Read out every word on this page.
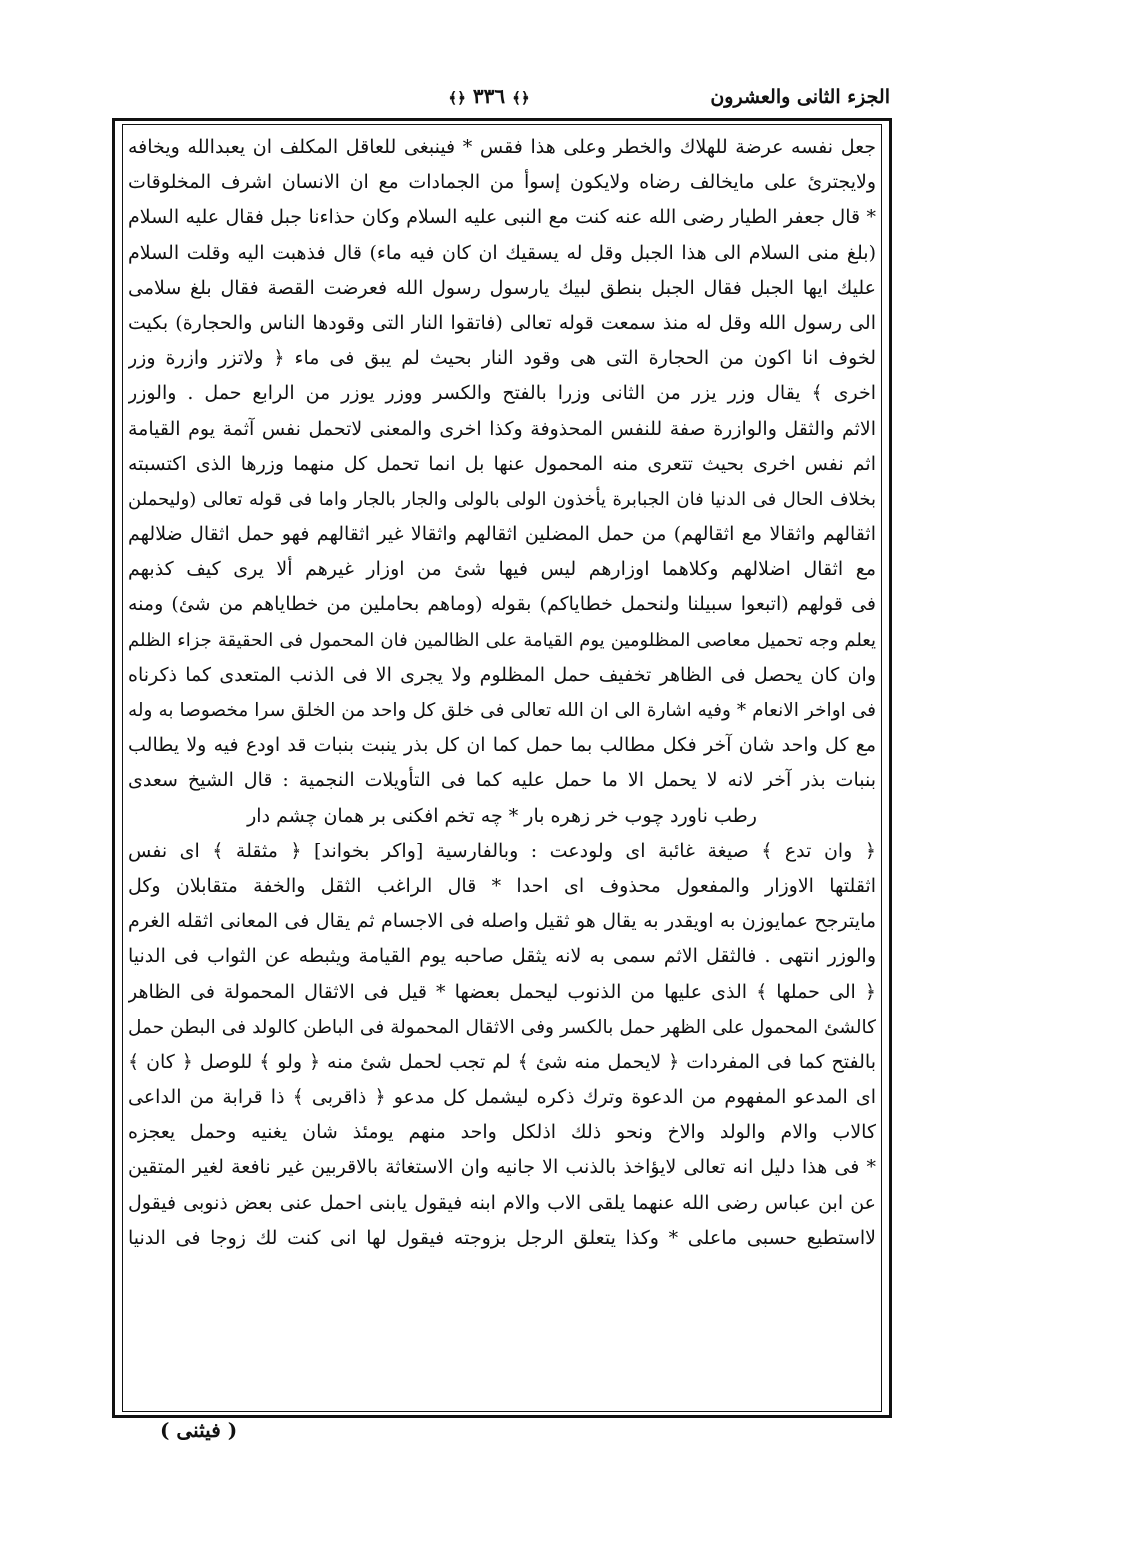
الجزء الثانى والعشرون
﴿﴾ ٣٣٦ ﴿﴾
جعل نفسه عرضة للهلاك والخطر وعلى هذا فقس * فينبغى للعاقل المكلف ان يعبدالله ويخافه
ولايجترئ على مايخالف رضاه ولايكون إسوأ من الجمادات مع ان الانسان اشرف المخلوقات
* قال جعفر الطيار رضى الله عنه كنت مع النبى عليه السلام وكان حذاءنا جبل فقال عليه السلام
(بلغ منى السلام الى هذا الجبل وقل له يسقيك ان كان فيه ماء) قال فذهبت اليه وقلت السلام
عليك ايها الجبل فقال الجبل بنطق لبيك يارسول رسول الله فعرضت القصة فقال بلغ سلامى
الى رسول الله وقل له منذ سمعت قوله تعالى (فاتقوا النار التى وقودها الناس والحجارة) بكيت
لخوف انا اكون من الحجارة التى هى وقود النار بحيث لم يبق فى ماء ﴿ ولاتزر وازرة وزر
اخرى ﴾ يقال وزر يزر من الثانى وزرا بالفتح والكسر ووزر يوزر من الرابع حمل . والوزر
الاثم والثقل والوازرة صفة للنفس المحذوفة وكذا اخرى والمعنى لاتحمل نفس آثمة يوم القيامة
اثم نفس اخرى بحيث تتعرى منه المحمول عنها بل انما تحمل كل منهما وزرها الذى اكتسبته
بخلاف الحال فى الدنيا فان الجبابرة يأخذون الولى بالولى والجار بالجار واما فى قوله تعالى (وليحملن
اثقالهم واثقالا مع اثقالهم) من حمل المضلين اثقالهم واثقالا غير اثقالهم فهو حمل اثقال ضلالهم
مع اثقال اضلالهم وكلاهما اوزارهم ليس فيها شئ من اوزار غيرهم ألا يرى كيف كذبهم
فى قولهم (اتبعوا سبيلنا ولنحمل خطاياكم) بقوله (وماهم بحاملين من خطاياهم من شئ) ومنه
يعلم وجه تحميل معاصى المظلومين يوم القيامة على الظالمين فان المحمول فى الحقيقة جزاء الظلم
وان كان يحصل فى الظاهر تخفيف حمل المظلوم ولا يجرى الا فى الذنب المتعدى كما ذكرناه
فى اواخر الانعام * وفيه اشارة الى ان الله تعالى فى خلق كل واحد من الخلق سرا مخصوصا به وله
مع كل واحد شان آخر فكل مطالب بما حمل كما ان كل بذر ينبت بنبات قد اودع فيه ولا يطالب
بنبات بذر آخر لانه لا يحمل الا ما حمل عليه كما فى التأويلات النجمية : قال الشيخ سعدى
رطب ناورد چوب خر زهره بار * چه تخم افكنى بر همان چشم دار
﴿ وان تدع ﴾ صيغة غائبة اى ولودعت : وبالفارسية [واكر بخواند] ﴿ مثقلة ﴾ اى نفس
اثقلتها الاوزار والمفعول محذوف اى احدا * قال الراغب الثقل والخفة متقابلان وكل
مايترجح عمايوزن به اويقدر به يقال هو ثقيل واصله فى الاجسام ثم يقال فى المعانى اثقله الغرم
والوزر انتهى . فالثقل الاثم سمى به لانه يثقل صاحبه يوم القيامة ويثبطه عن الثواب فى الدنيا
﴿ الى حملها ﴾ الذى عليها من الذنوب ليحمل بعضها * قيل فى الاثقال المحمولة فى الظاهر
كالشئ المحمول على الظهر حمل بالكسر وفى الاثقال المحمولة فى الباطن كالولد فى البطن حمل
بالفتح كما فى المفردات ﴿ لايحمل منه شئ ﴾ لم تجب لحمل شئ منه ﴿ ولو ﴾ للوصل ﴿ كان ﴾
اى المدعو المفهوم من الدعوة وترك ذكره ليشمل كل مدعو ﴿ ذاقربى ﴾ ذا قرابة من الداعى
كالاب والام والولد والاخ ونحو ذلك اذلكل واحد منهم يومئذ شان يغنيه وحمل يعجزه
* فى هذا دليل انه تعالى لايؤاخذ بالذنب الا جانيه وان الاستغاثة بالاقربين غير نافعة لغير المتقين
عن ابن عباس رضى الله عنهما يلقى الاب والام ابنه فيقول يابنى احمل عنى بعض ذنوبى فيقول
لااستطيع حسبى ماعلى * وكذا يتعلق الرجل بزوجته فيقول لها انى كنت لك زوجا فى الدنيا
( فيثنى )
